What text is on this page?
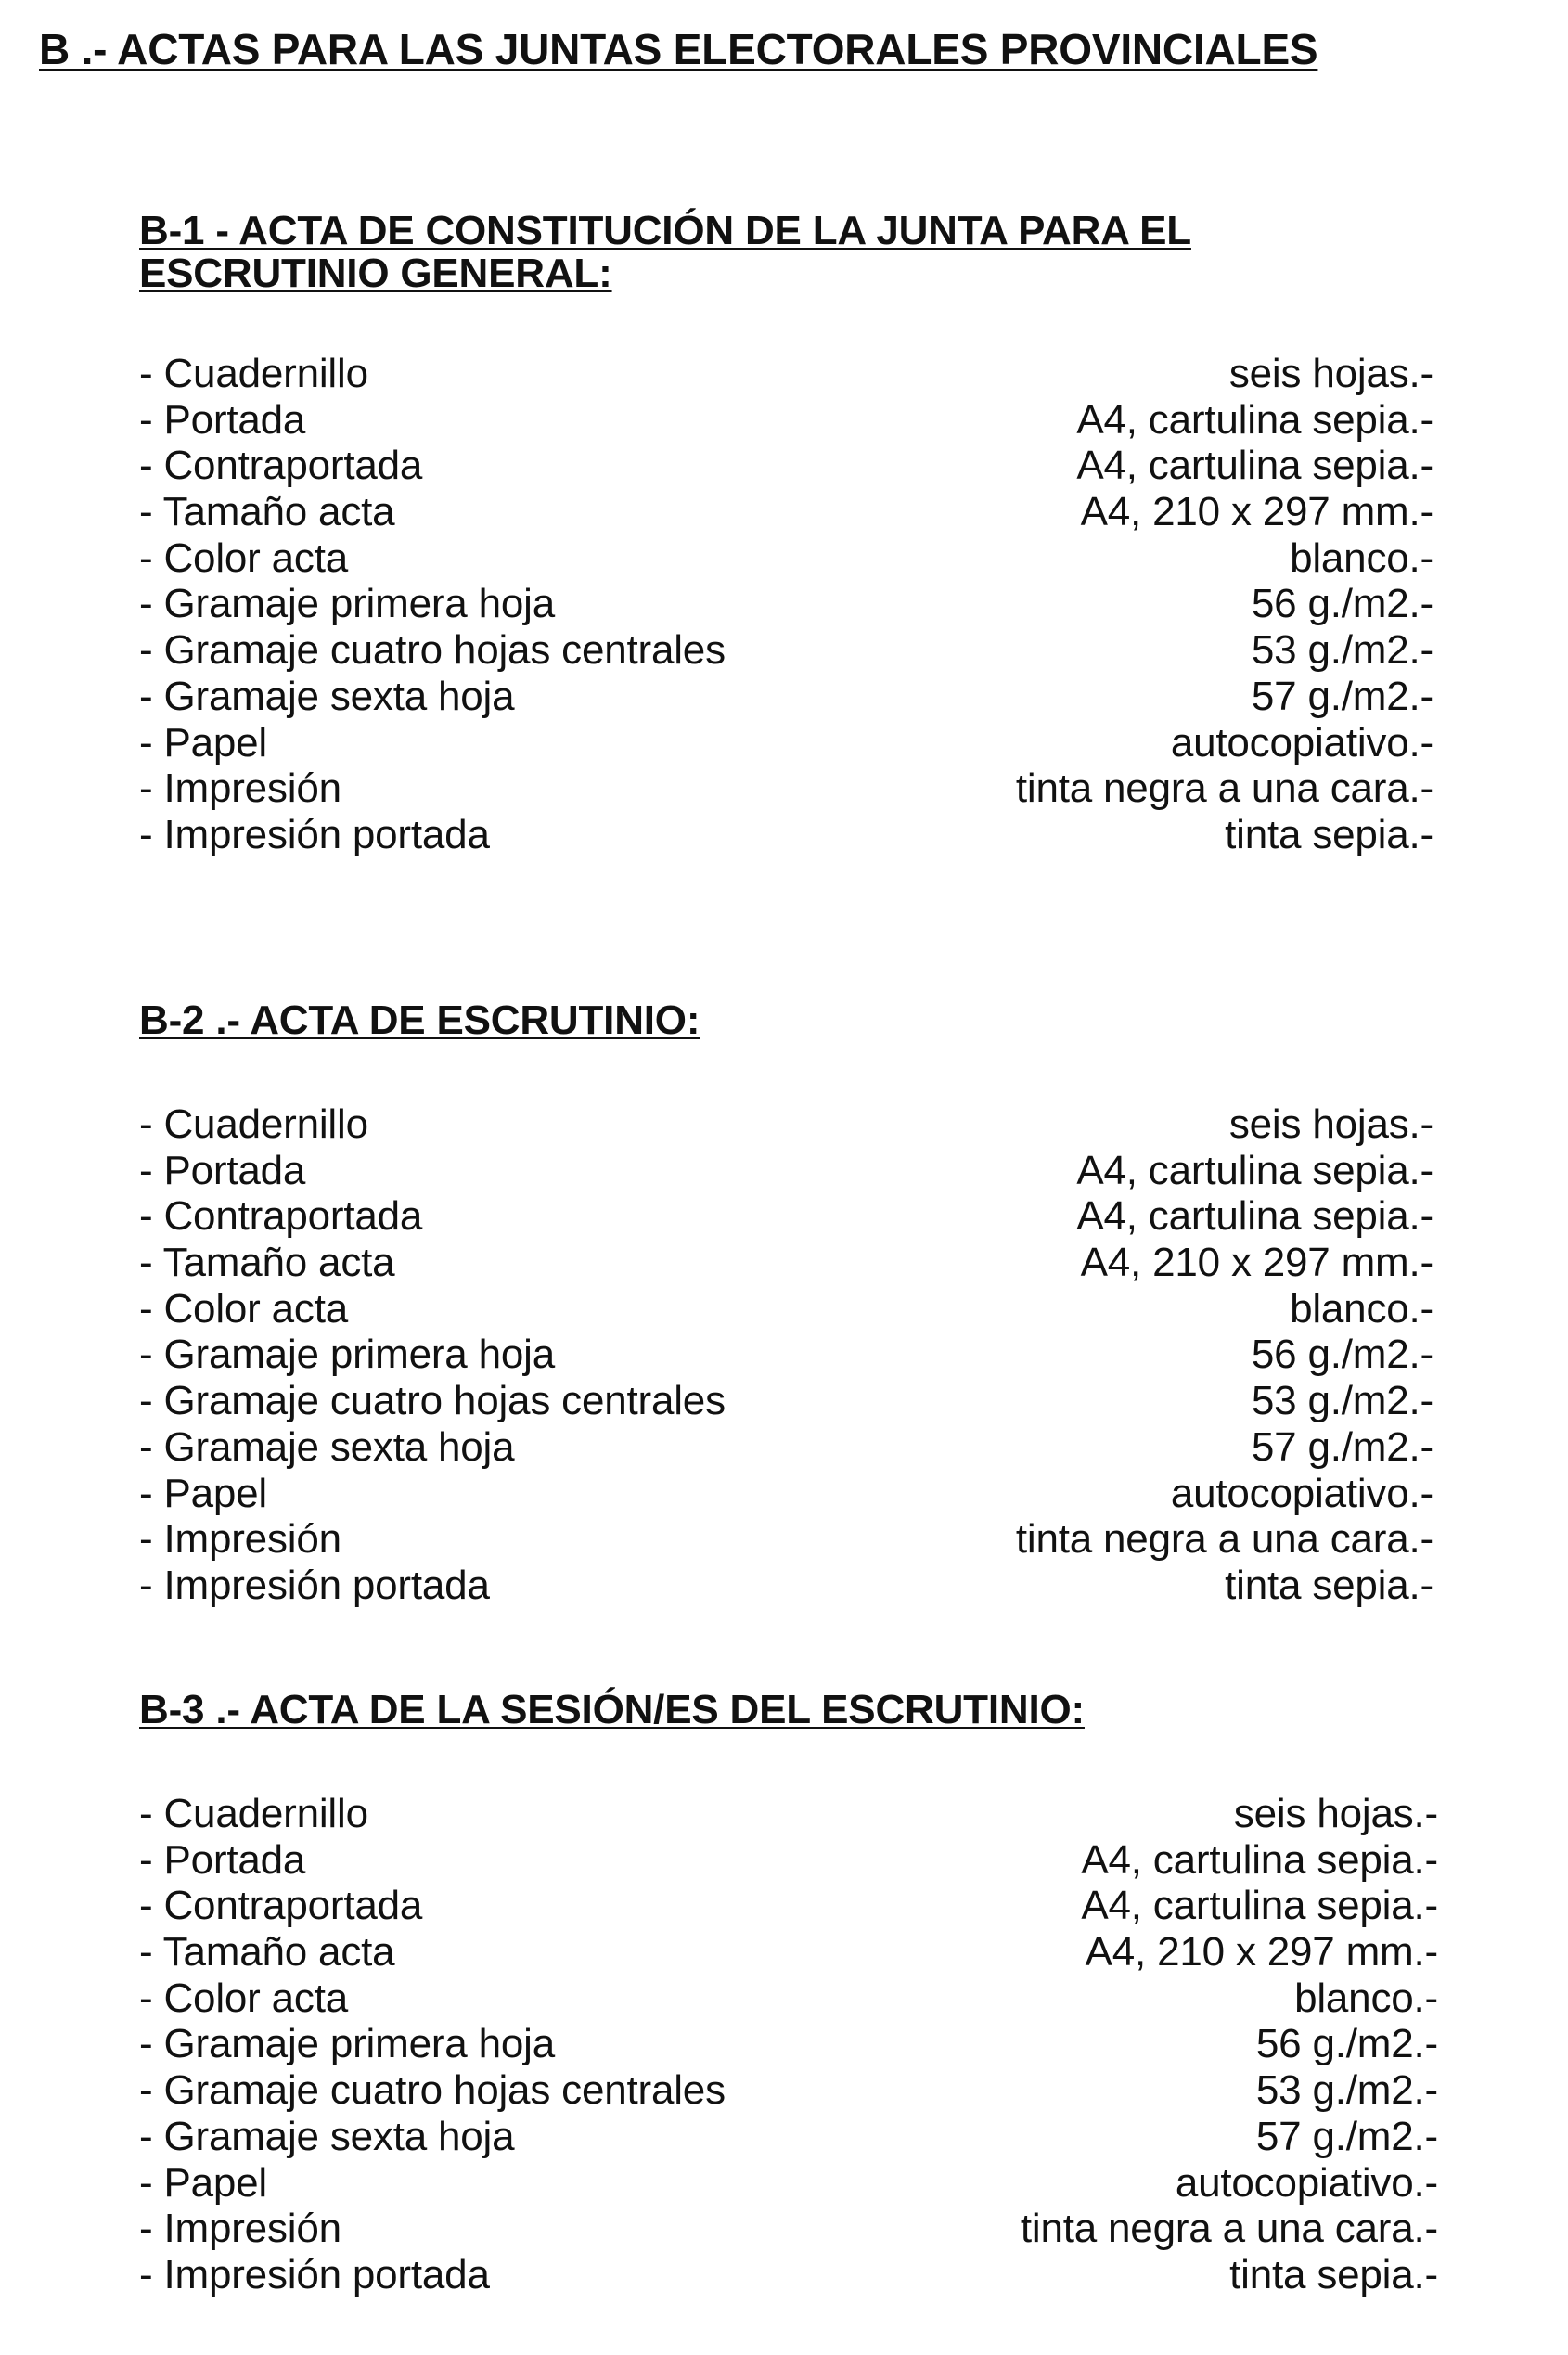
B .- ACTAS PARA LAS JUNTAS ELECTORALES PROVINCIALES
B-1 - ACTA DE CONSTITUCIÓN DE LA JUNTA PARA EL
ESCRUTINIO GENERAL:
- Cuadernillo	seis hojas.-
- Portada	A4, cartulina sepia.-
- Contraportada	A4, cartulina sepia.-
- Tamaño acta	A4, 210 x 297 mm.-
- Color acta	blanco.-
- Gramaje primera hoja	56 g./m2.-
- Gramaje cuatro hojas centrales	53 g./m2.-
- Gramaje sexta hoja	57 g./m2.-
- Papel	autocopiativo.-
- Impresión	tinta negra a una cara.-
- Impresión portada	tinta sepia.-
B-2 .- ACTA DE ESCRUTINIO:
- Cuadernillo	seis hojas.-
- Portada	A4, cartulina sepia.-
- Contraportada	A4, cartulina sepia.-
- Tamaño acta	A4, 210 x 297 mm.-
- Color acta	blanco.-
- Gramaje primera hoja	56 g./m2.-
- Gramaje cuatro hojas centrales	53 g./m2.-
- Gramaje sexta hoja	57 g./m2.-
- Papel	autocopiativo.-
- Impresión	tinta negra a una cara.-
- Impresión portada	tinta sepia.-
B-3 .- ACTA DE LA SESIÓN/ES DEL ESCRUTINIO:
- Cuadernillo	seis hojas.-
- Portada	A4, cartulina sepia.-
- Contraportada	A4, cartulina sepia.-
- Tamaño acta	A4, 210 x 297 mm.-
- Color acta	blanco.-
- Gramaje primera hoja	56 g./m2.-
- Gramaje cuatro hojas centrales	53 g./m2.-
- Gramaje sexta hoja	57 g./m2.-
- Papel	autocopiativo.-
- Impresión	tinta negra a una cara.-
- Impresión portada	tinta sepia.-
